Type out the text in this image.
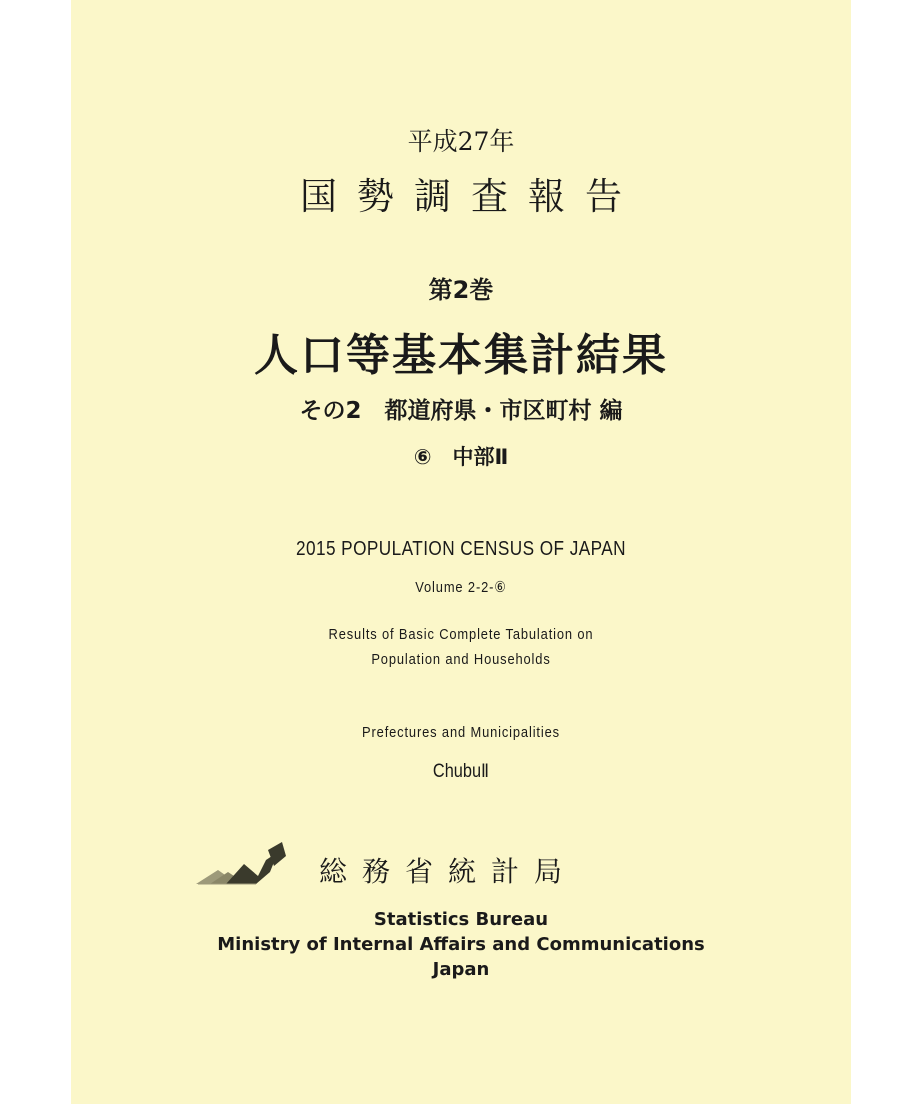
平成27年

国勢調査報告

第2巻

人口等基本集計結果

その2　都道府県・市区町村 編

⑥　中部Ⅱ

2015 POPULATION CENSUS OF JAPAN

Volume 2-2-⑥

Results of Basic Complete Tabulation on

Population and Households

Prefectures and Municipalities

ChubuⅡ

総務省統計局

Statistics Bureau

Ministry of Internal Affairs and Communications

Japan
